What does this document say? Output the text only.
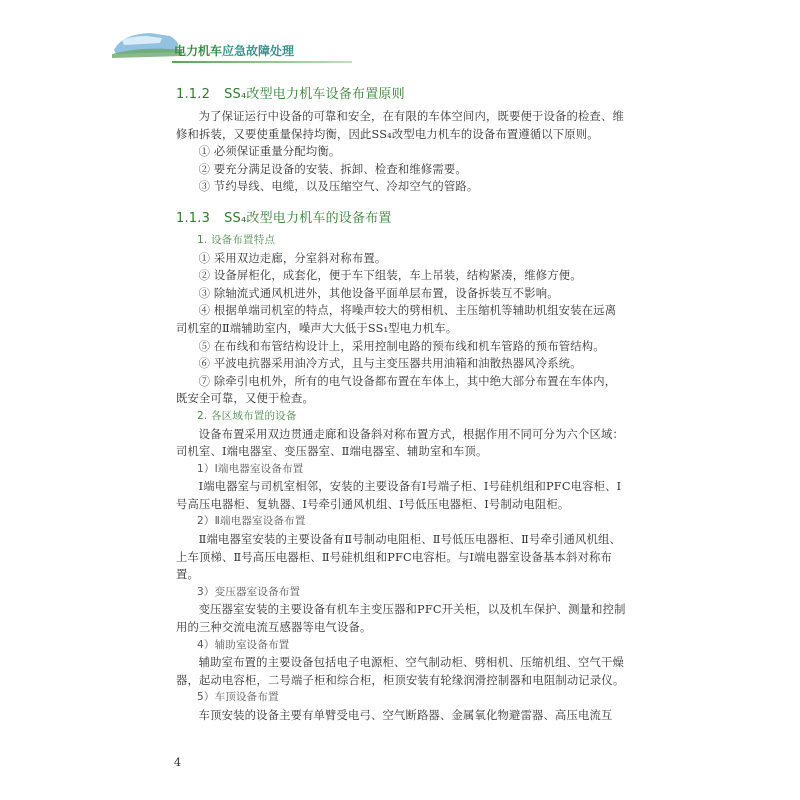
电力机车应急故障处理
1.1.2 SS₄改型电力机车设备布置原则

为了保证运行中设备的可靠和安全，在有限的车体空间内，既要便于设备的检查、维修和拆装，又要使重量保持均衡，因此SS₄改型电力机车的设备布置遵循以下原则。

① 必须保证重量分配均衡。

② 要充分满足设备的安装、拆卸、检查和维修需要。

③ 节约导线、电缆，以及压缩空气、冷却空气的管路。

1.1.3 SS₄改型电力机车的设备布置

1. 设备布置特点

① 采用双边走廊，分室斜对称布置。

② 设备屏柜化，成套化，便于车下组装，车上吊装，结构紧凑，维修方便。

③ 除轴流式通风机进外，其他设备平面单层布置，设备拆装互不影响。

④ 根据单端司机室的特点，将噪声较大的劈相机、主压缩机等辅助机组安装在远离司机室的Ⅱ端辅助室内，噪声大大低于SS₁型电力机车。

⑤ 在布线和布管结构设计上，采用控制电路的预布线和机车管路的预布管结构。

⑥ 平波电抗器采用油冷方式，且与主变压器共用油箱和油散热器风冷系统。

⑦ 除牵引电机外，所有的电气设备都布置在车体上，其中绝大部分布置在车体内，既安全可靠，又便于检查。

2. 各区域布置的设备

设备布置采用双边贯通走廊和设备斜对称布置方式，根据作用不同可分为六个区域：司机室、Ⅰ端电器室、变压器室、Ⅱ端电器室、辅助室和车顶。

1）Ⅰ端电器室设备布置

Ⅰ端电器室与司机室相邻，安装的主要设备有Ⅰ号端子柜、Ⅰ号硅机组和PFC电容柜、Ⅰ号高压电器柜、复轨器、Ⅰ号牵引通风机组、Ⅰ号低压电器柜、Ⅰ号制动电阻柜。

2）Ⅱ端电器室设备布置

Ⅱ端电器室安装的主要设备有Ⅱ号制动电阻柜、Ⅱ号低压电器柜、Ⅱ号牵引通风机组、上车顶梯、Ⅱ号高压电器柜、Ⅱ号硅机组和PFC电容柜。与Ⅰ端电器室设备基本斜对称布置。

3）变压器室设备布置

变压器室安装的主要设备有机车主变压器和PFC开关柜，以及机车保护、测量和控制用的三种交流电流互感器等电气设备。

4）辅助室设备布置

辅助室布置的主要设备包括电子电源柜、空气制动柜、劈相机、压缩机组、空气干燥器，起动电容柜，二号端子柜和综合柜，柜顶安装有轮缘润滑控制器和电阻制动记录仪。

5）车顶设备布置

车顶安装的设备主要有单臂受电弓、空气断路器、金属氧化物避雷器、高压电流互

4
